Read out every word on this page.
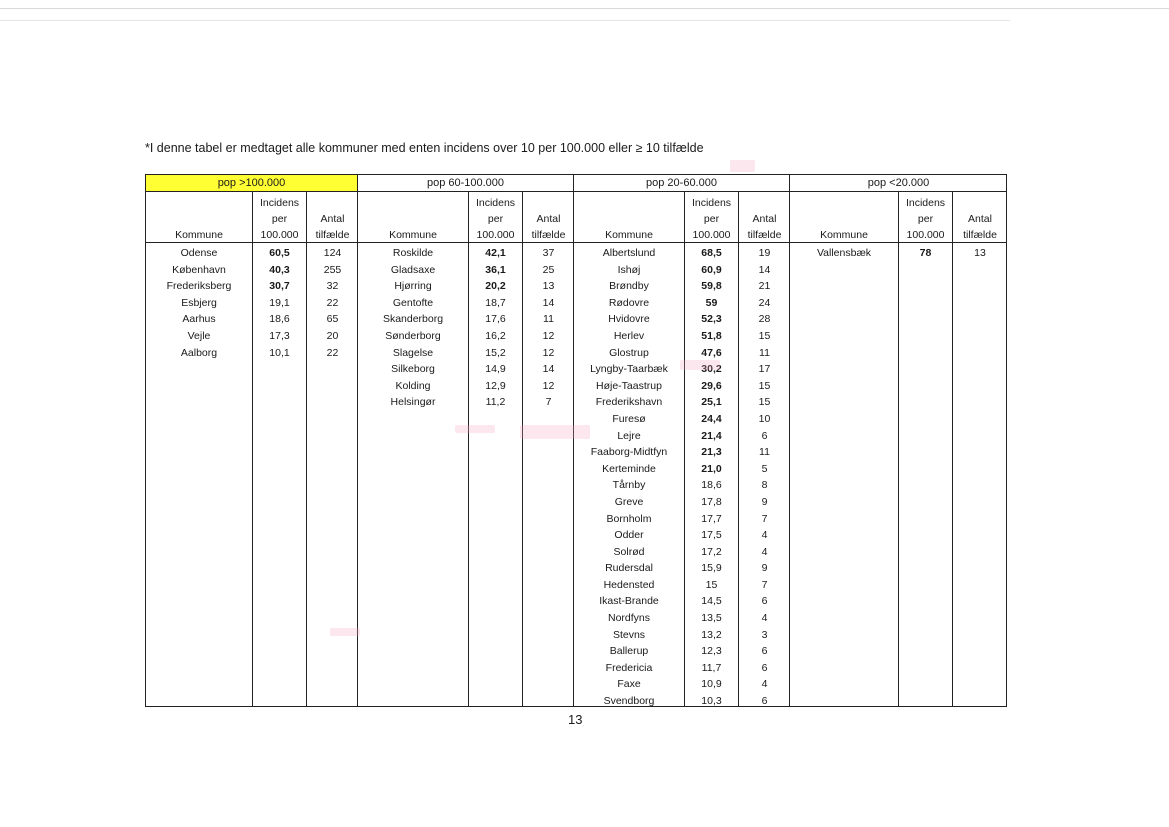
*I denne tabel er medtaget alle kommuner med enten incidens over 10 per 100.000 eller ≥ 10 tilfælde
pop >100.000
Kommune
Odense
København
Frederiksberg
Esbjerg
Aarhus
Vejle
Aalborg
Incidens
per
100.000
60,5
40,3
30,7
19,1
18,6
17,3
10,1
Antal
tilfælde
124
255
32
22
65
20
22
pop 60-100.000
Kommune
Roskilde
Gladsaxe
Hjørring
Gentofte
Skanderborg
Sønderborg
Slagelse
Silkeborg
Kolding
Helsingør
Incidens
per
100.000
42,1
36,1
20,2
18,7
17,6
16,2
15,2
14,9
12,9
11,2
Antal
tilfælde
37
25
13
14
11
12
12
14
12
7
pop 20-60.000
Kommune
Albertslund
Ishøj
Brøndby
Rødovre
Hvidovre
Herlev
Glostrup
Lyngby-Taarbæk
Høje-Taastrup
Frederikshavn
Furesø
Lejre
Faaborg-Midtfyn
Kerteminde
Tårnby
Greve
Bornholm
Odder
Solrød
Rudersdal
Hedensted
Ikast-Brande
Nordfyns
Stevns
Ballerup
Fredericia
Faxe
Svendborg
Incidens
per
100.000
68,5
60,9
59,8
59
52,3
51,8
47,6
30,2
29,6
25,1
24,4
21,4
21,3
21,0
18,6
17,8
17,7
17,5
17,2
15,9
15
14,5
13,5
13,2
12,3
11,7
10,9
10,3
Antal
tilfælde
19
14
21
24
28
15
11
17
15
15
10
6
11
5
8
9
7
4
4
9
7
6
4
3
6
6
4
6
pop <20.000
Kommune
Vallensbæk
Incidens
per
100.000
78
Antal
tilfælde
13
13
